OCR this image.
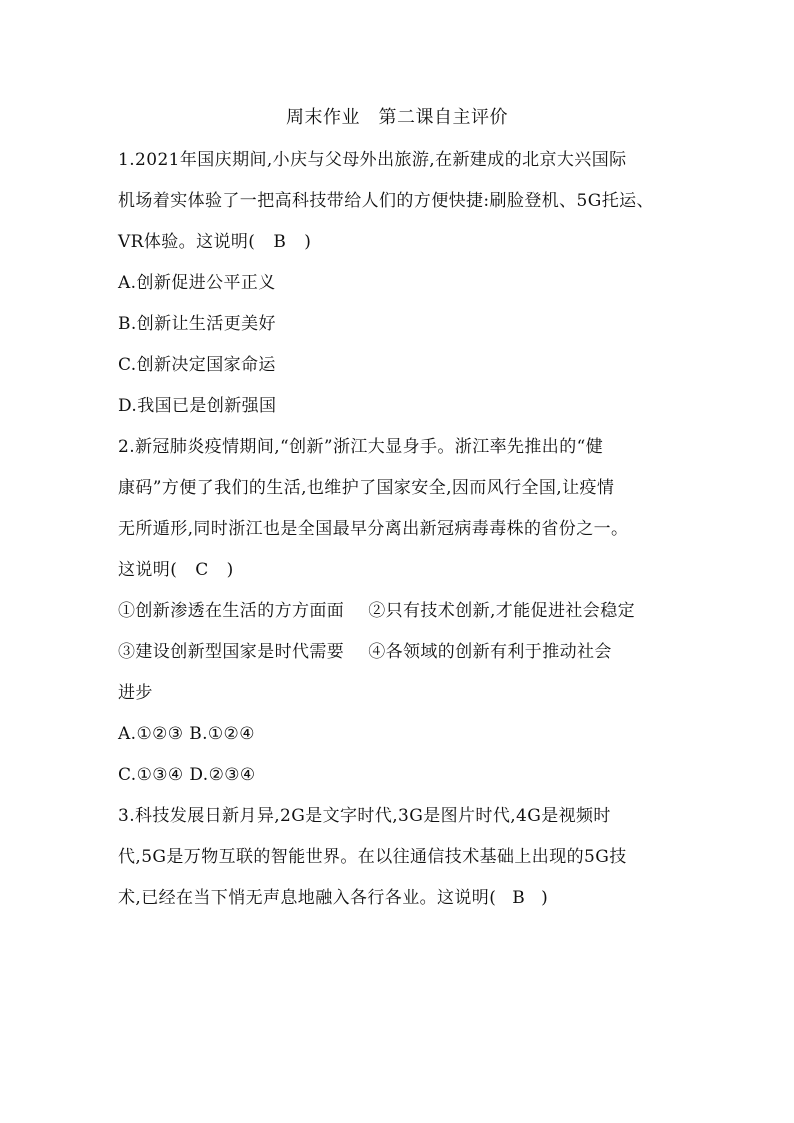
周末作业　第二课自主评价

1.2021年国庆期间,小庆与父母外出旅游,在新建成的北京大兴国际

机场着实体验了一把高科技带给人们的方便快捷:刷脸登机、5G托运、

VR体验。这说明( B )

A.创新促进公平正义

B.创新让生活更美好

C.创新决定国家命运

D.我国已是创新强国

2.新冠肺炎疫情期间,“创新”浙江大显身手。浙江率先推出的“健

康码”方便了我们的生活,也维护了国家安全,因而风行全国,让疫情

无所遁形,同时浙江也是全国最早分离出新冠病毒毒株的省份之一。

这说明( C )

①创新渗透在生活的方方面面 ②只有技术创新,才能促进社会稳定

③建设创新型国家是时代需要 ④各领域的创新有利于推动社会

进步

A.①②③ B.①②④

C.①③④ D.②③④

3.科技发展日新月异,2G是文字时代,3G是图片时代,4G是视频时

代,5G是万物互联的智能世界。在以往通信技术基础上出现的5G技

术,已经在当下悄无声息地融入各行各业。这说明( B )
